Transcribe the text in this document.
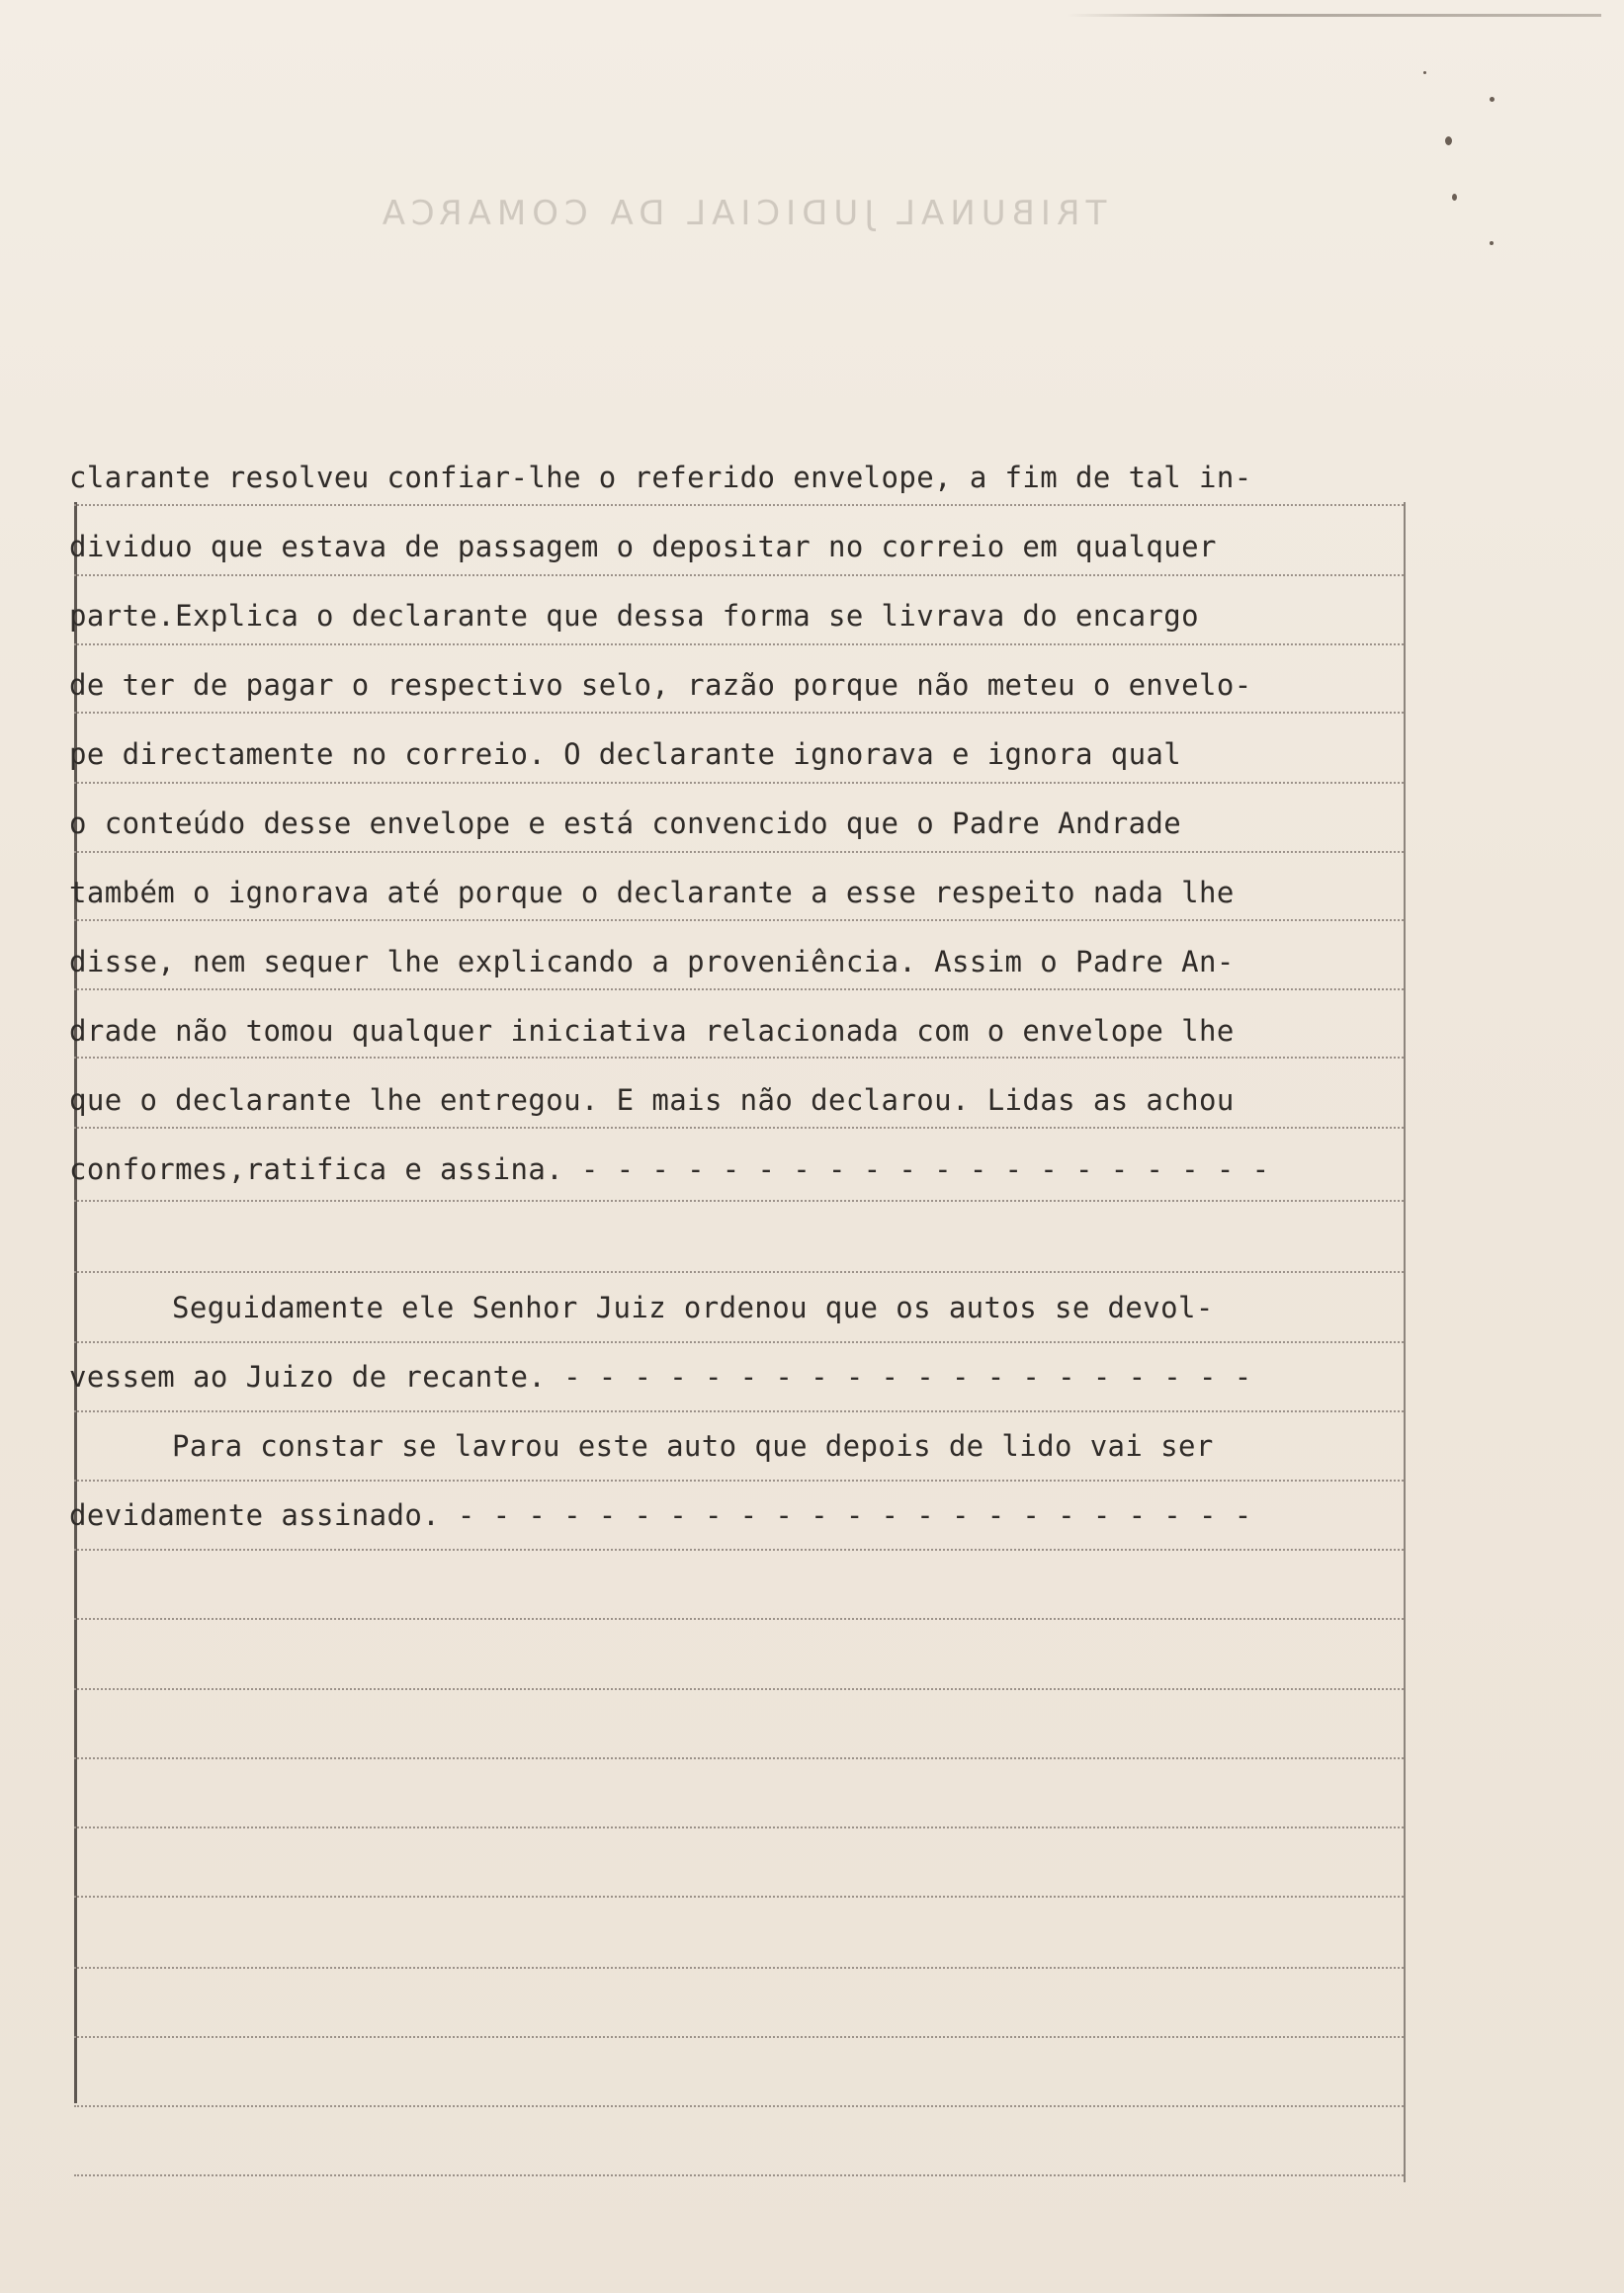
TRIBUNAL JUDICIAL DA COMARCA
clarante resolveu confiar-lhe o referido envelope, a fim de tal in-
dividuo que estava de passagem o depositar no correio em qualquer
parte.Explica o declarante que dessa forma se livrava do encargo
de ter de pagar o respectivo selo, razão porque não meteu o envelo-
pe directamente no correio. O declarante ignorava e ignora qual
o conteúdo desse envelope e está convencido que o Padre Andrade
também o ignorava até porque o declarante a esse respeito nada lhe
disse, nem sequer lhe explicando a proveniência. Assim o Padre An-
drade não tomou qualquer iniciativa relacionada com o envelope lhe
que o declarante lhe entregou. E mais não declarou. Lidas as achou
conformes,ratifica e assina. - - - - - - - - - - - - - - - - - - - -
Seguidamente ele Senhor Juiz ordenou que os autos se devol-
vessem ao Juizo de recante. - - - - - - - - - - - - - - - - - - - -
Para constar se lavrou este auto que depois de lido vai ser
devidamente assinado. - - - - - - - - - - - - - - - - - - - - - - -
